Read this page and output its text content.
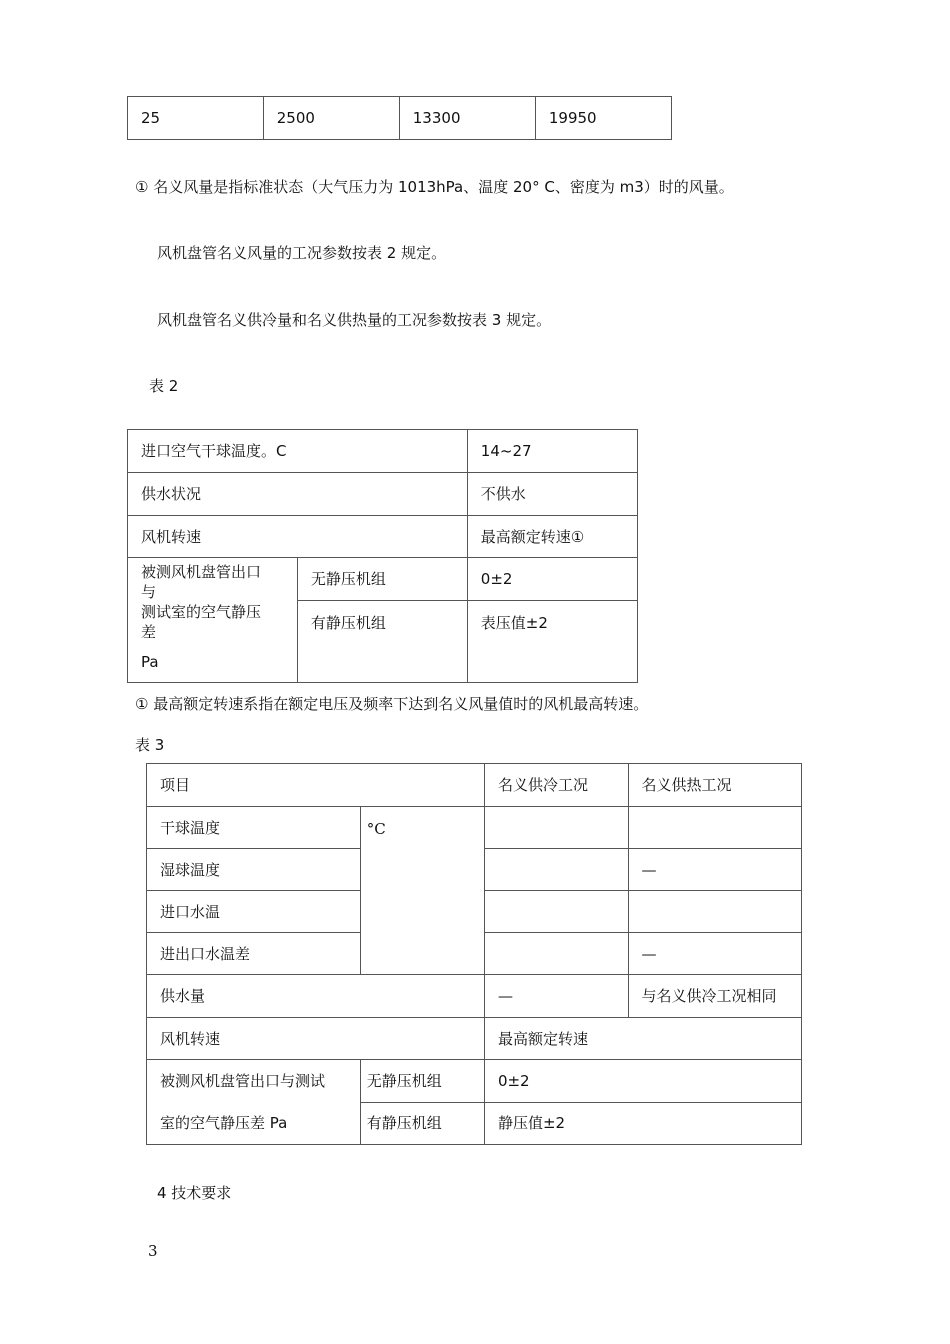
25	2500	13300	19950
① 名义风量是指标准状态（大气压力为 1013hPa、温度 20° C、密度为 m3）时的风量。
风机盘管名义风量的工况参数按表 2 规定。
风机盘管名义供冷量和名义供热量的工况参数按表 3 规定。
表 2
进口空气干球温度。C		14~27
供水状况		不供水
风机转速		最高额定转速①

被测风机盘管出口
与
测试室的空气静压
差
Pa	无静压机组	0±2
	有静压机组	表压值±2
① 最高额定转速系指在额定电压及频率下达到名义风量值时的风机最高转速。
表 3
项目		名义供冷工况	名义供热工况
干球温度	°C		
湿球温度			—
进口水温			
进出口水温差			—
供水量		—	与名义供冷工况相同
风机转速		最高额定转速	

被测风机盘管出口与测试
室的空气静压差 Pa	无静压机组	0±2	
	有静压机组	静压值±2	
4 技术要求
3
